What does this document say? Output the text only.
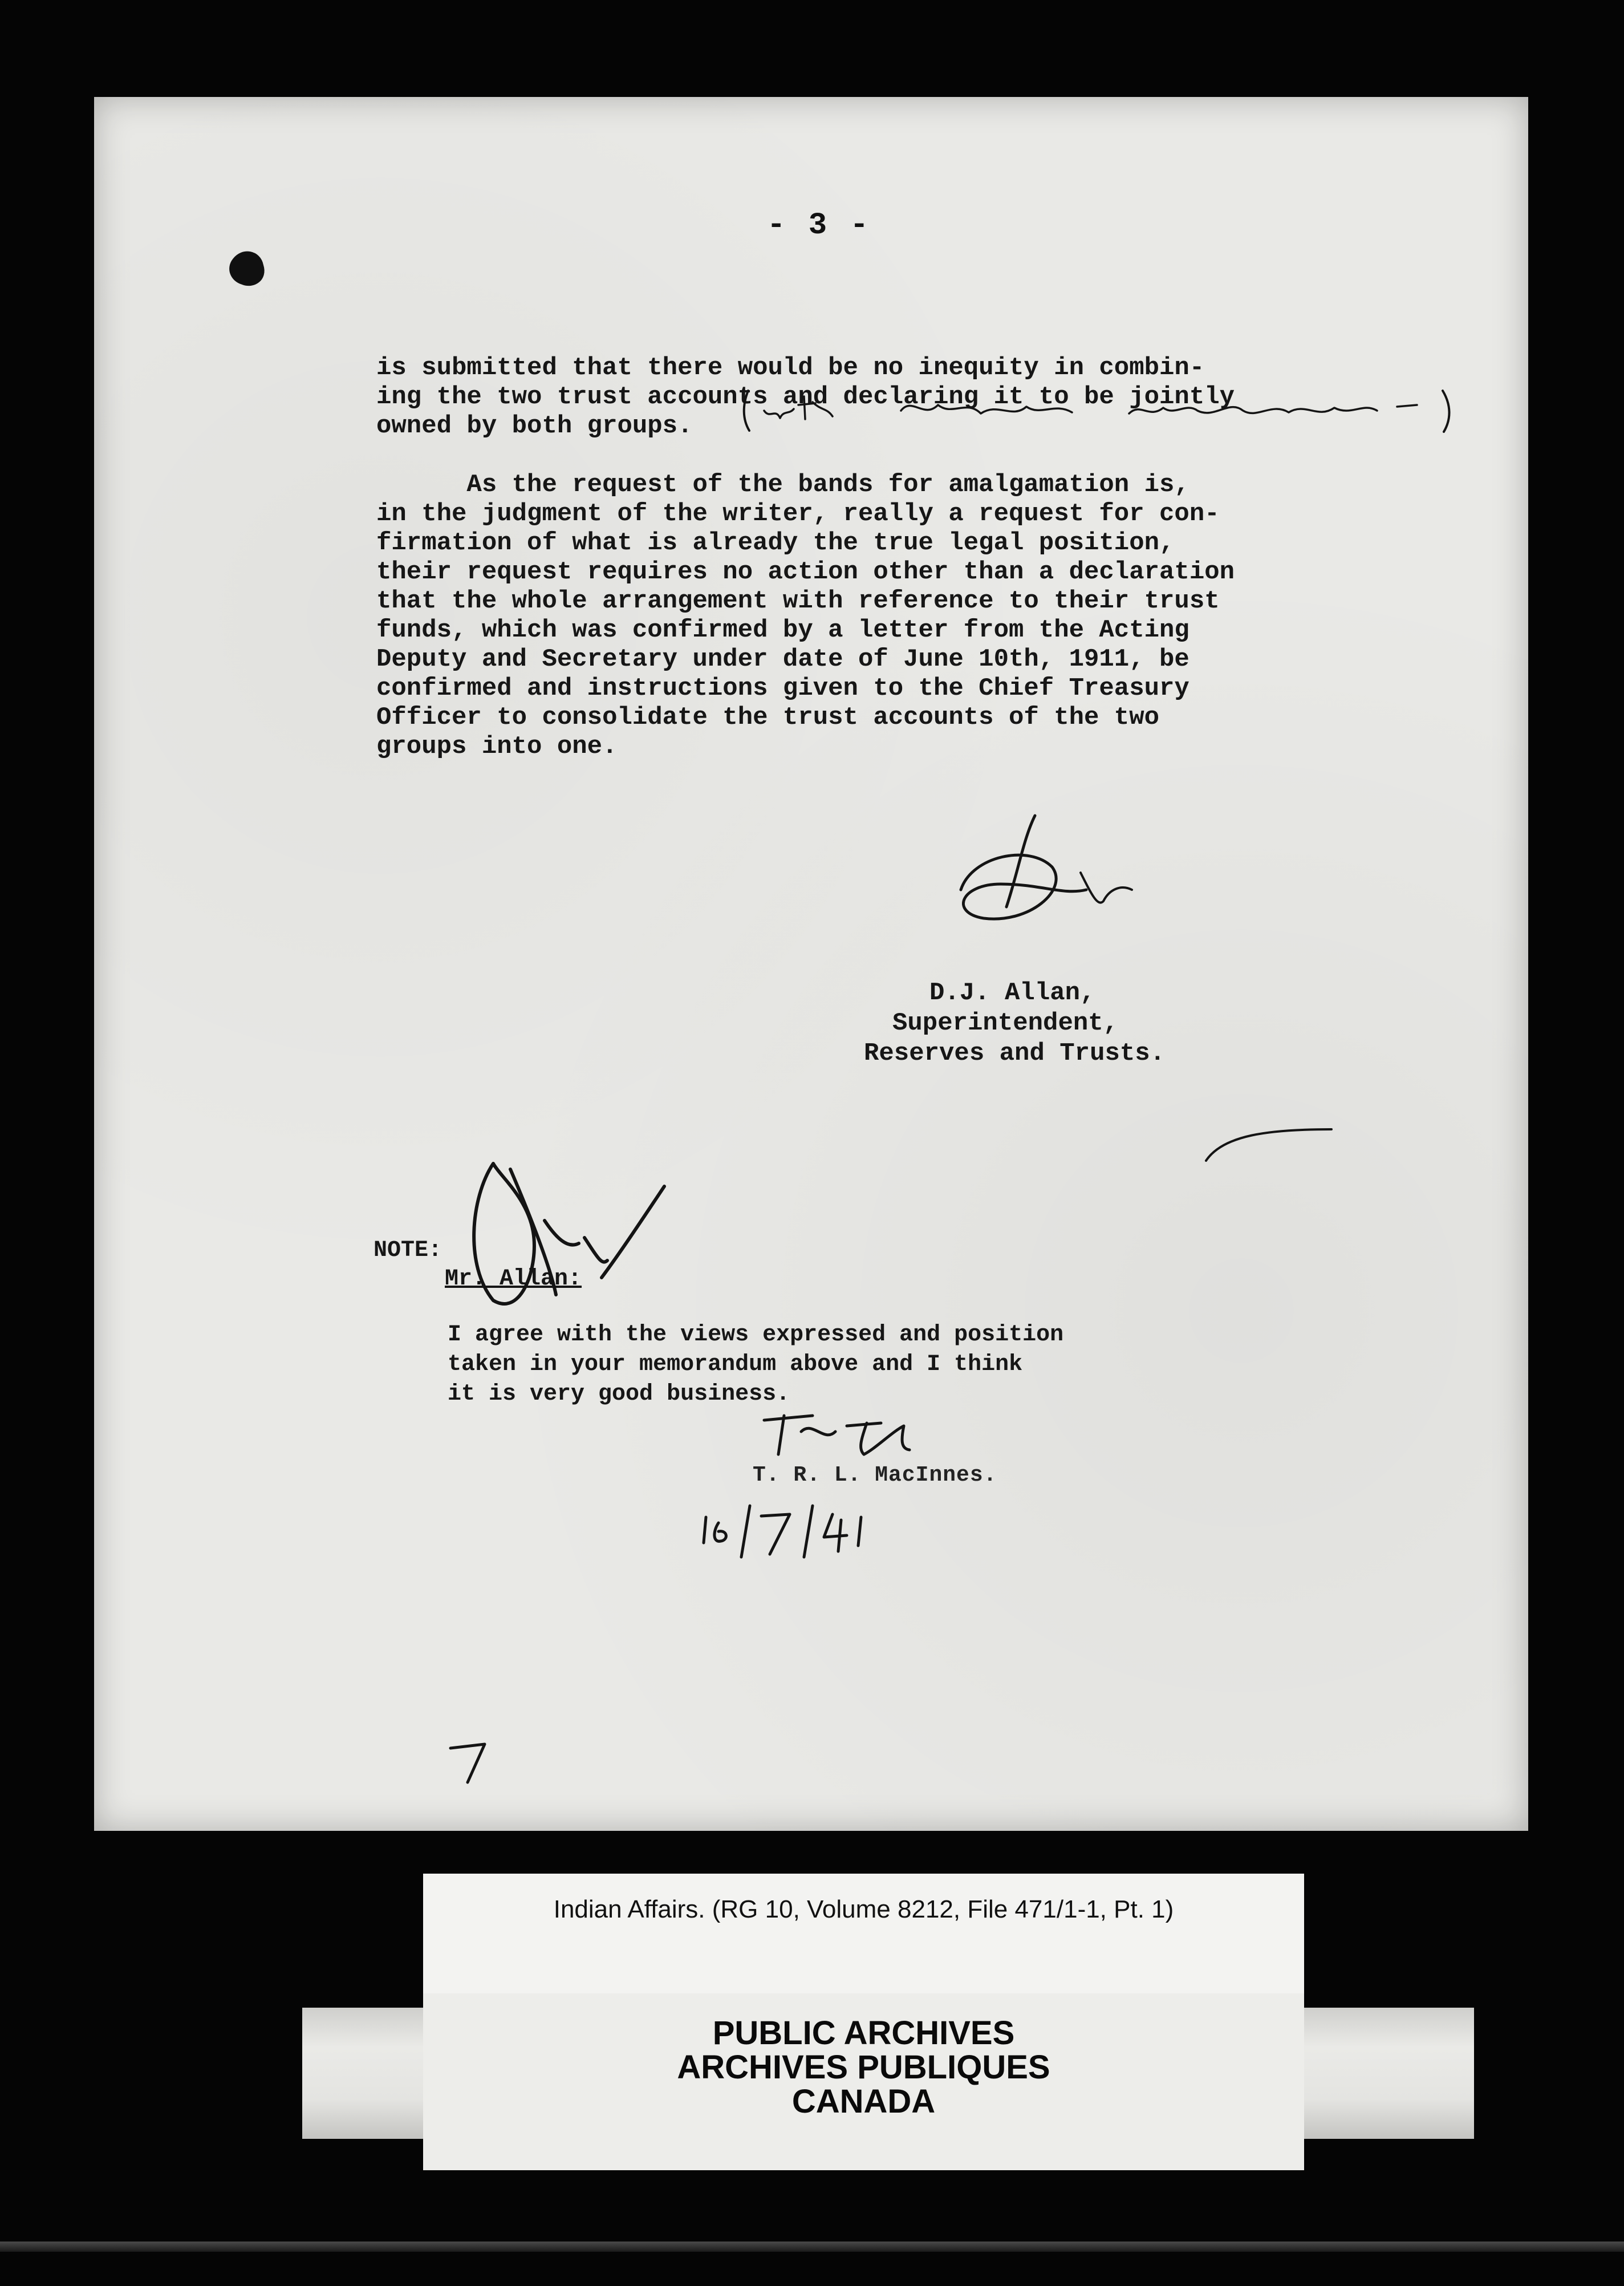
- 3 -

is submitted that there would be no inequity in combin-
ing the two trust accounts and declaring it to be jointly
owned by both groups.

As the request of the bands for amalgamation is,
in the judgment of the writer, really a request for con-
firmation of what is already the true legal position,
their request requires no action other than a declaration
that the whole arrangement with reference to their trust
funds, which was confirmed by a letter from the Acting
Deputy and Secretary under date of June 10th, 1911, be
confirmed and instructions given to the Chief Treasury
Officer to consolidate the trust accounts of the two
groups into one.

D.J. Allan,
Superintendent,
Reserves and Trusts.
NOTE:
Mr. Allan:

I agree with the views expressed and position
taken in your memorandum above and I think
it is very good business.

T. R. L. MacInnes.
Indian Affairs. (RG 10, Volume 8212, File 471/1-1, Pt. 1)
PUBLIC ARCHIVES
ARCHIVES PUBLIQUES
CANADA
